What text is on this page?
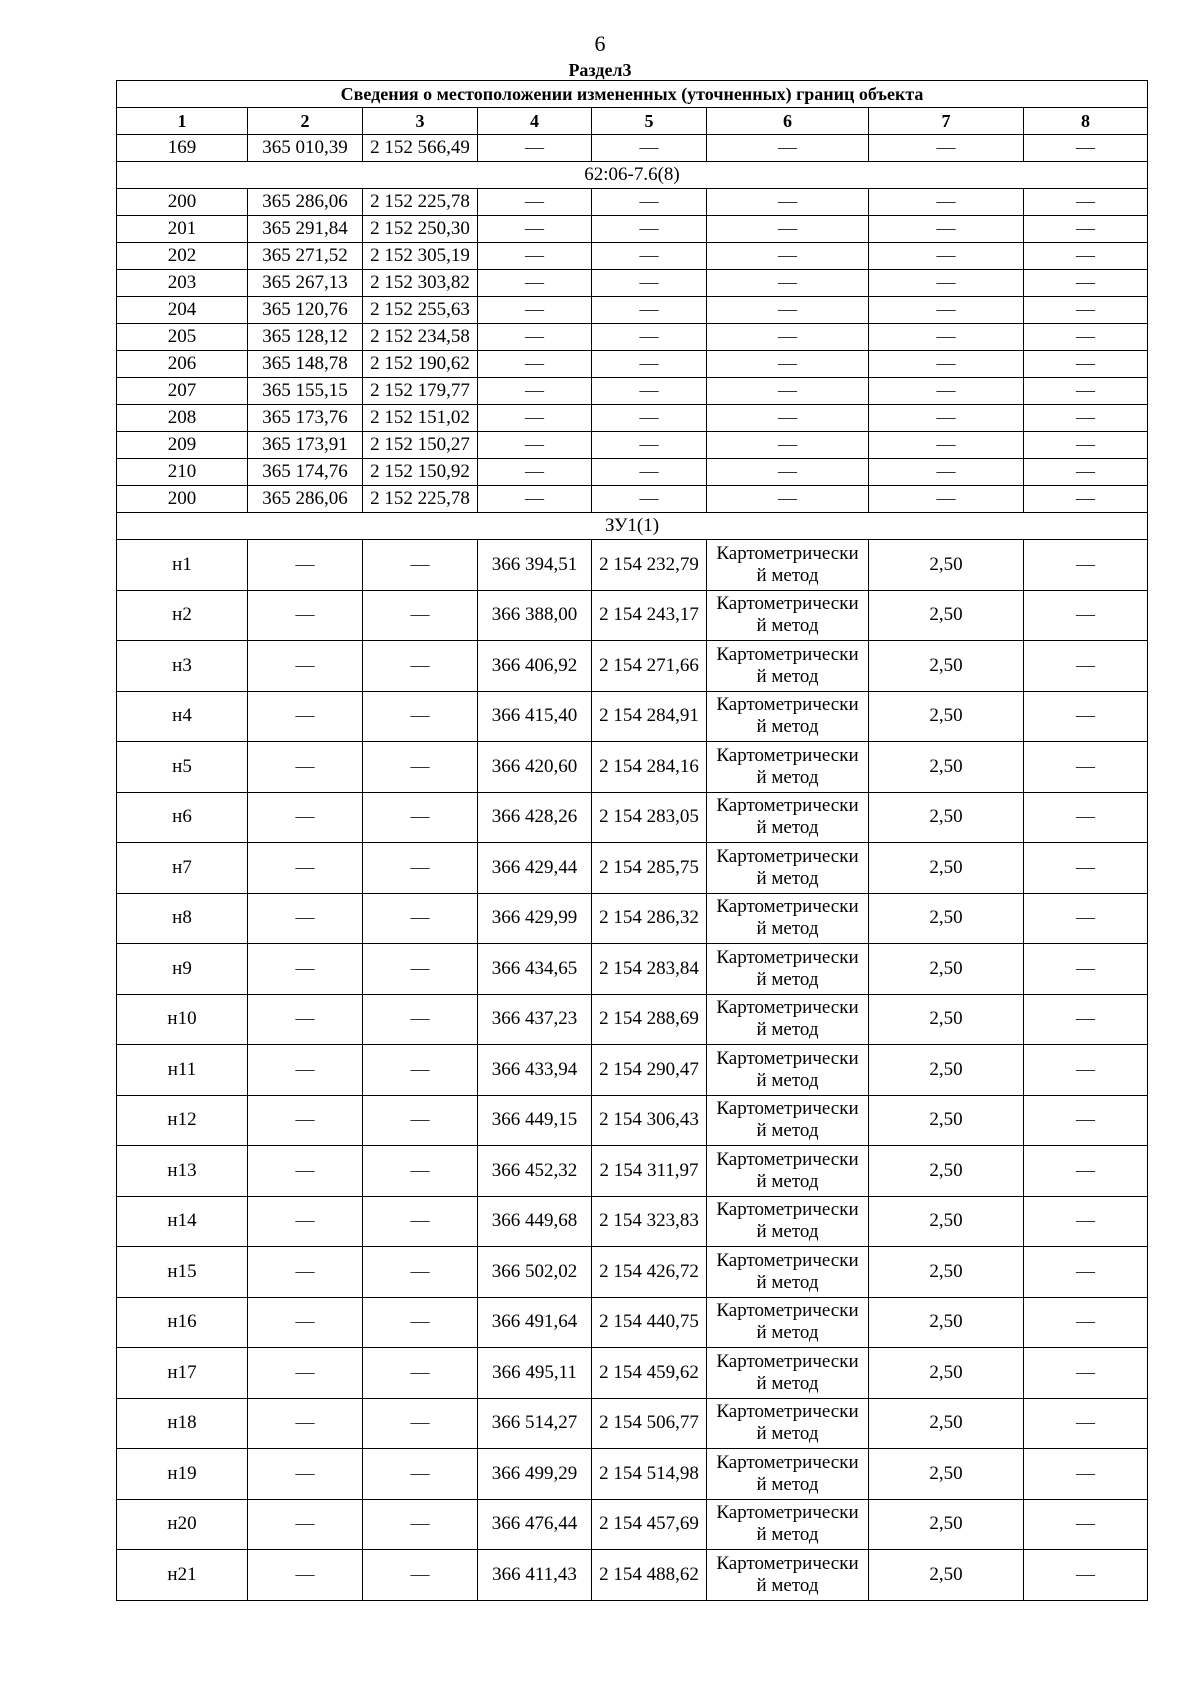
6
Раздел3
Сведения о местоположении измененных (уточненных) границ объекта							
1	2	3	4	5	6	7	8
169	365 010,39	2 152 566,49	—	—	—	—	—
62:06-7.6(8)							
200	365 286,06	2 152 225,78	—	—	—	—	—
201	365 291,84	2 152 250,30	—	—	—	—	—
202	365 271,52	2 152 305,19	—	—	—	—	—
203	365 267,13	2 152 303,82	—	—	—	—	—
204	365 120,76	2 152 255,63	—	—	—	—	—
205	365 128,12	2 152 234,58	—	—	—	—	—
206	365 148,78	2 152 190,62	—	—	—	—	—
207	365 155,15	2 152 179,77	—	—	—	—	—
208	365 173,76	2 152 151,02	—	—	—	—	—
209	365 173,91	2 152 150,27	—	—	—	—	—
210	365 174,76	2 152 150,92	—	—	—	—	—
200	365 286,06	2 152 225,78	—	—	—	—	—
ЗУ1(1)							
н1	—	—	366 394,51	2 154 232,79	Картометрически й метод	2,50	—
н2	—	—	366 388,00	2 154 243,17	Картометрически й метод	2,50	—
н3	—	—	366 406,92	2 154 271,66	Картометрически й метод	2,50	—
н4	—	—	366 415,40	2 154 284,91	Картометрически й метод	2,50	—
н5	—	—	366 420,60	2 154 284,16	Картометрически й метод	2,50	—
н6	—	—	366 428,26	2 154 283,05	Картометрически й метод	2,50	—
н7	—	—	366 429,44	2 154 285,75	Картометрически й метод	2,50	—
н8	—	—	366 429,99	2 154 286,32	Картометрически й метод	2,50	—
н9	—	—	366 434,65	2 154 283,84	Картометрически й метод	2,50	—
н10	—	—	366 437,23	2 154 288,69	Картометрически й метод	2,50	—
н11	—	—	366 433,94	2 154 290,47	Картометрически й метод	2,50	—
н12	—	—	366 449,15	2 154 306,43	Картометрически й метод	2,50	—
н13	—	—	366 452,32	2 154 311,97	Картометрически й метод	2,50	—
н14	—	—	366 449,68	2 154 323,83	Картометрически й метод	2,50	—
н15	—	—	366 502,02	2 154 426,72	Картометрически й метод	2,50	—
н16	—	—	366 491,64	2 154 440,75	Картометрически й метод	2,50	—
н17	—	—	366 495,11	2 154 459,62	Картометрически й метод	2,50	—
н18	—	—	366 514,27	2 154 506,77	Картометрически й метод	2,50	—
н19	—	—	366 499,29	2 154 514,98	Картометрически й метод	2,50	—
н20	—	—	366 476,44	2 154 457,69	Картометрически й метод	2,50	—
н21	—	—	366 411,43	2 154 488,62	Картометрически й метод	2,50	—
